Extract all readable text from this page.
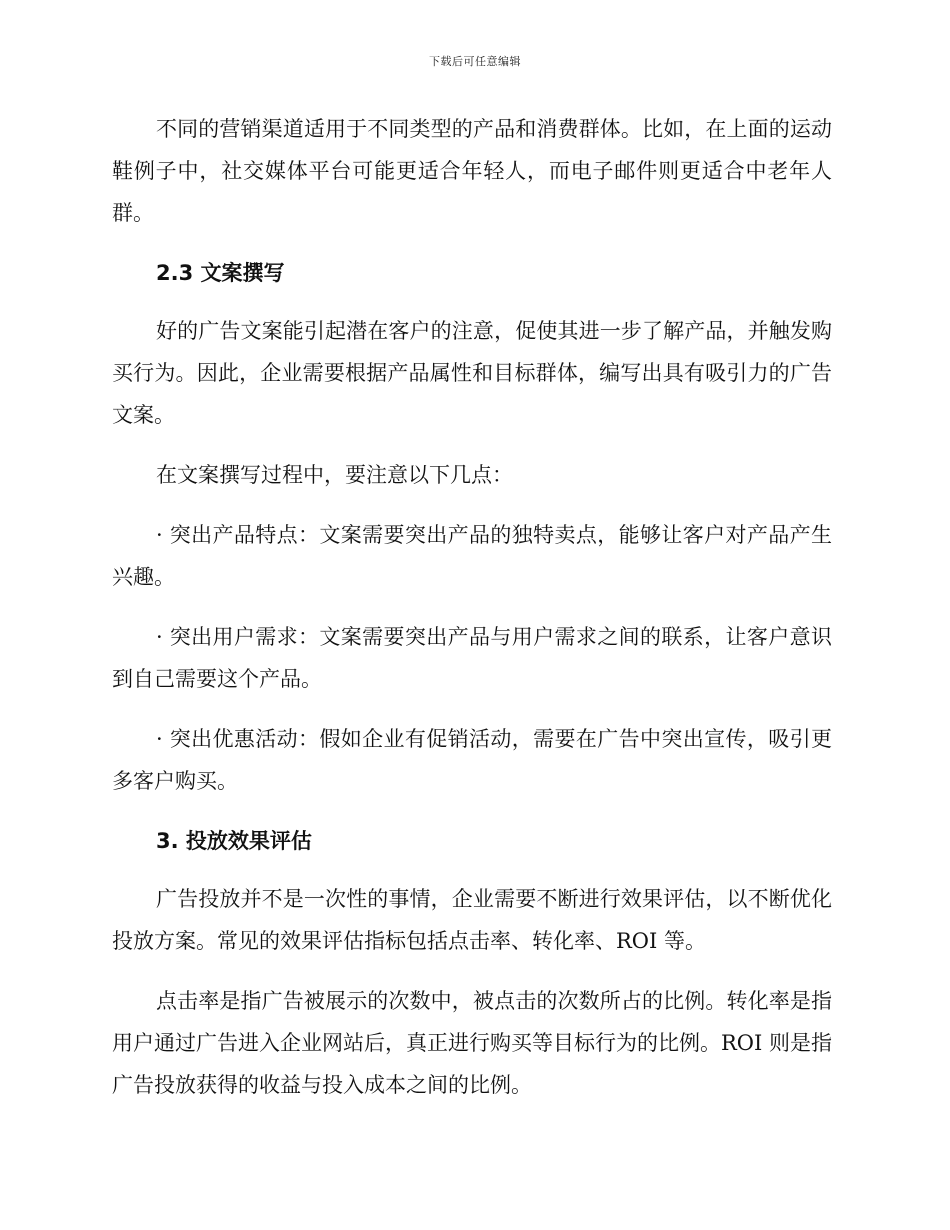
下载后可任意编辑

不同的营销渠道适用于不同类型的产品和消费群体。比如，在上面的运动鞋例子中，社交媒体平台可能更适合年轻人，而电子邮件则更适合中老年人群。

2.3 文案撰写

好的广告文案能引起潜在客户的注意，促使其进一步了解产品，并触发购买行为。因此，企业需要根据产品属性和目标群体，编写出具有吸引力的广告文案。

在文案撰写过程中，要注意以下几点：

· 突出产品特点：文案需要突出产品的独特卖点，能够让客户对产品产生兴趣。

· 突出用户需求：文案需要突出产品与用户需求之间的联系，让客户意识到自己需要这个产品。

· 突出优惠活动：假如企业有促销活动，需要在广告中突出宣传，吸引更多客户购买。

3. 投放效果评估

广告投放并不是一次性的事情，企业需要不断进行效果评估，以不断优化投放方案。常见的效果评估指标包括点击率、转化率、ROI 等。

点击率是指广告被展示的次数中，被点击的次数所占的比例。转化率是指用户通过广告进入企业网站后，真正进行购买等目标行为的比例。ROI 则是指广告投放获得的收益与投入成本之间的比例。
